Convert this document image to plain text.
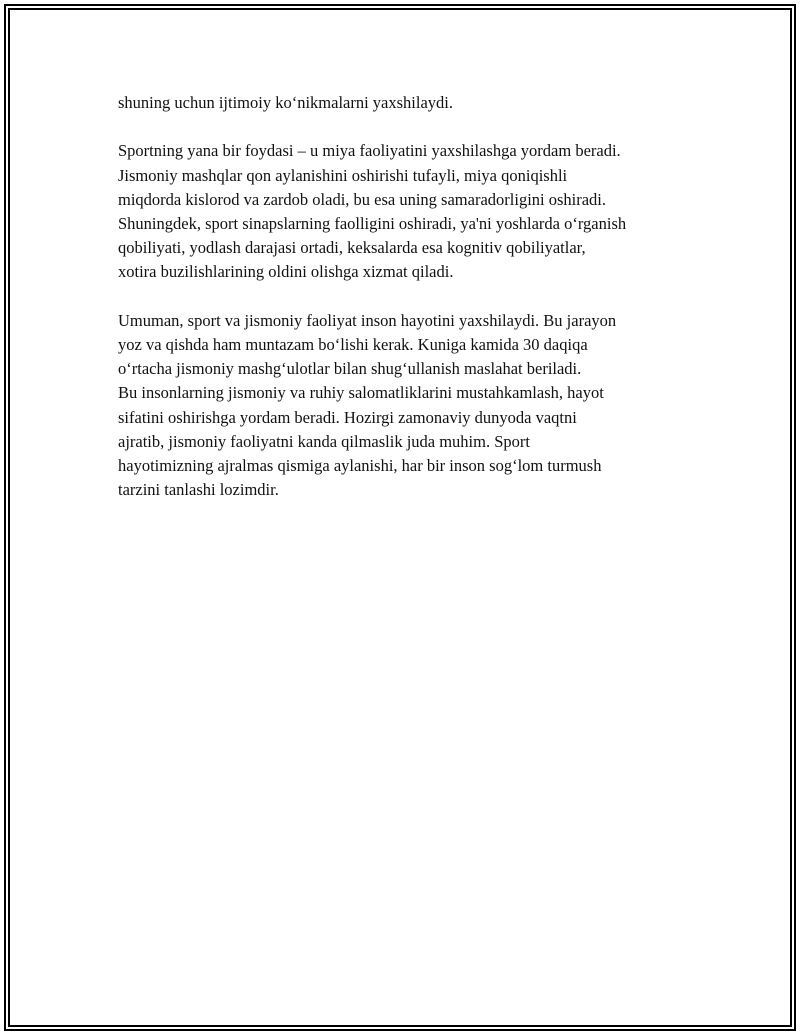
shuning uchun ijtimoiy ko‘nikmalarni yaxshilaydi.

Sportning yana bir foydasi – u miya faoliyatini yaxshilashga yordam beradi.
Jismoniy mashqlar qon aylanishini oshirishi tufayli, miya qoniqishli
miqdorda kislorod va zardob oladi, bu esa uning samaradorligini oshiradi.
Shuningdek, sport sinapslarning faolligini oshiradi, ya'ni yoshlarda o‘rganish
qobiliyati, yodlash darajasi ortadi, keksalarda esa kognitiv qobiliyatlar,
xotira buzilishlarining oldini olishga xizmat qiladi.

Umuman, sport va jismoniy faoliyat inson hayotini yaxshilaydi. Bu jarayon
yoz va qishda ham muntazam bo‘lishi kerak. Kuniga kamida 30 daqiqa
o‘rtacha jismoniy mashg‘ulotlar bilan shug‘ullanish maslahat beriladi.
Bu insonlarning jismoniy va ruhiy salomatliklarini mustahkamlash, hayot
sifatini oshirishga yordam beradi. Hozirgi zamonaviy dunyoda vaqtni
ajratib, jismoniy faoliyatni kanda qilmaslik juda muhim. Sport
hayotimizning ajralmas qismiga aylanishi, har bir inson sog‘lom turmush
tarzini tanlashi lozimdir.
